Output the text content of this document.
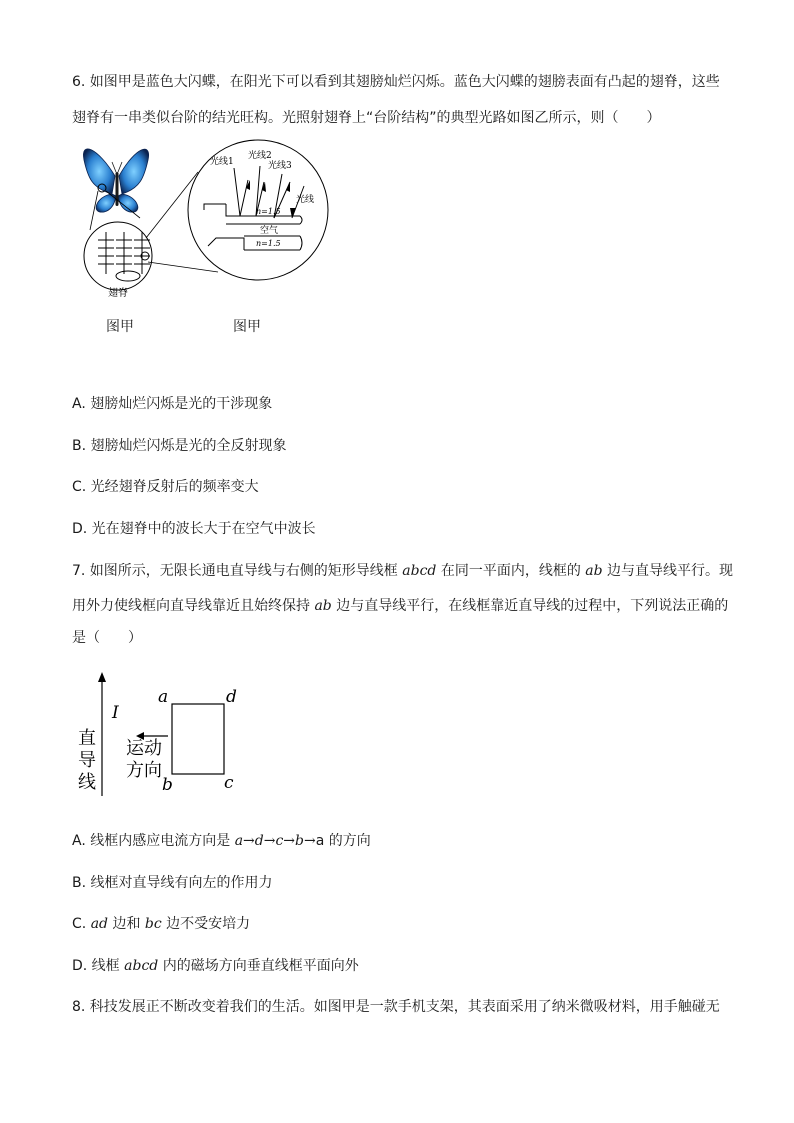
6. 如图甲是蓝色大闪蝶，在阳光下可以看到其翅膀灿烂闪烁。蓝色大闪蝶的翅膀表面有凸起的翅脊，这些
翅脊有一串类似台阶的结光旺构。光照射翅脊上“台阶结构”的典型光路如图乙所示，则（　　）
翅脊
光线1
光线2
光线3
光线
n=1.5
空气
n=1.5
图甲	图甲
A. 翅膀灿烂闪烁是光的干涉现象
B. 翅膀灿烂闪烁是光的全反射现象
C. 光经翅脊反射后的频率变大
D. 光在翅脊中的波长大于在空气中波长
7. 如图所示，无限长通电直导线与右侧的矩形导线框 abcd 在同一平面内，线框的 ab 边与直导线平行。现
用外力使线框向直导线靠近且始终保持 ab 边与直导线平行，在线框靠近直导线的过程中，下列说法正确的
是（　　）
I
直
导
线
运动
方向
a	d
b	c
A. 线框内感应电流方向是 a→d→c→b→a 的方向
B. 线框对直导线有向左的作用力
C. ad 边和 bc 边不受安培力
D. 线框 abcd 内的磁场方向垂直线框平面向外
8. 科技发展正不断改变着我们的生活。如图甲是一款手机支架，其表面采用了纳米微吸材料，用手触碰无
